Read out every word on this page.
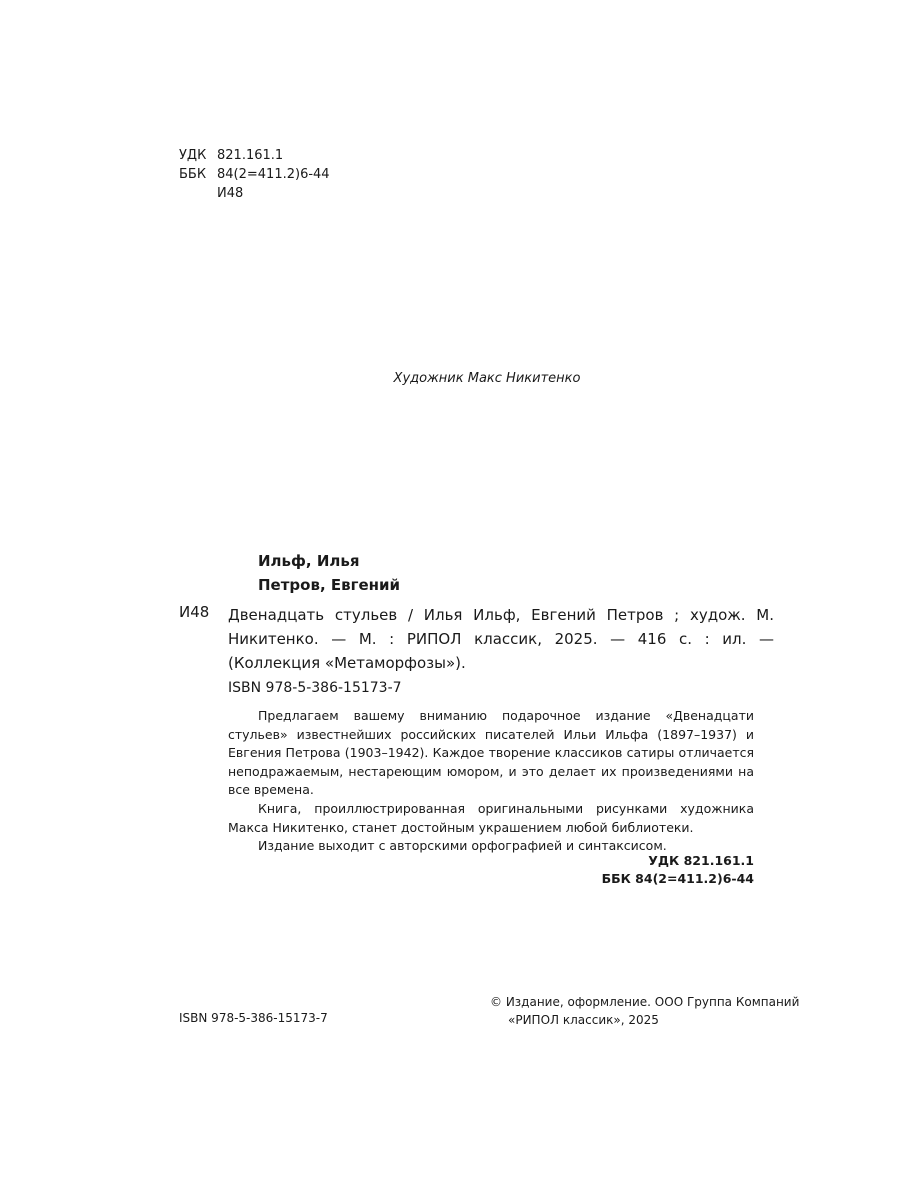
УДК 821.161.1
ББК 84(2=411.2)6-44
И48
Художник Макс Никитенко
Ильф, Илья
Петров, Евгений
И48 Двенадцать стульев / Илья Ильф, Евгений Петров ; худож. М. Никитенко. — М. : РИПОЛ классик, 2025. — 416 с. : ил. — (Коллекция «Метаморфозы»).
ISBN 978-5-386-15173-7

Предлагаем вашему вниманию подарочное издание «Двенадцати стульев» известнейших российских писателей Ильи Ильфа (1897–1937) и Евгения Петрова (1903–1942). Каждое творение классиков сатиры отличается неподражаемым, нестареющим юмором, и это делает их произведениями на все времена.

Книга, проиллюстрированная оригинальными рисунками художника Макса Никитенко, станет достойным украшением любой библиотеки.

Издание выходит с авторскими орфографией и синтаксисом.

УДК 821.161.1
ББК 84(2=411.2)6-44
ISBN 978-5-386-15173-7
© Издание, оформление. ООО Группа Компаний
«РИПОЛ классик», 2025
